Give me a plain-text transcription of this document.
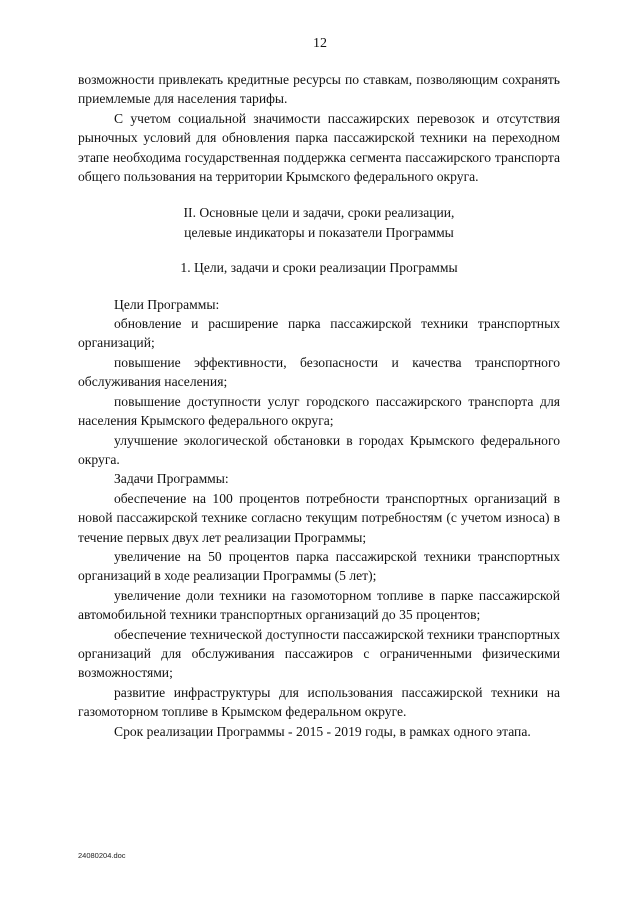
12

возможности привлекать кредитные ресурсы по ставкам, позволяющим сохранять приемлемые для населения тарифы.

С учетом социальной значимости пассажирских перевозок и отсутствия рыночных условий для обновления парка пассажирской техники на переходном этапе необходима государственная поддержка сегмента пассажирского транспорта общего пользования на территории Крымского федерального округа.

II. Основные цели и задачи, сроки реализации,
целевые индикаторы и показатели Программы
1. Цели, задачи и сроки реализации Программы

Цели Программы:

обновление и расширение парка пассажирской техники транспортных организаций;

повышение эффективности, безопасности и качества транспортного обслуживания населения;

повышение доступности услуг городского пассажирского транспорта для населения Крымского федерального округа;

улучшение экологической обстановки в городах Крымского федерального округа.

Задачи Программы:

обеспечение на 100 процентов потребности транспортных организаций в новой пассажирской технике согласно текущим потребностям (с учетом износа) в течение первых двух лет реализации Программы;

увеличение на 50 процентов парка пассажирской техники транспортных организаций в ходе реализации Программы (5 лет);

увеличение доли техники на газомоторном топливе в парке пассажирской автомобильной техники транспортных организаций до 35 процентов;

обеспечение технической доступности пассажирской техники транспортных организаций для обслуживания пассажиров с ограниченными физическими возможностями;

развитие инфраструктуры для использования пассажирской техники на газомоторном топливе в Крымском федеральном округе.

Срок реализации Программы - 2015 - 2019 годы, в рамках одного этапа.

24080204.doc
